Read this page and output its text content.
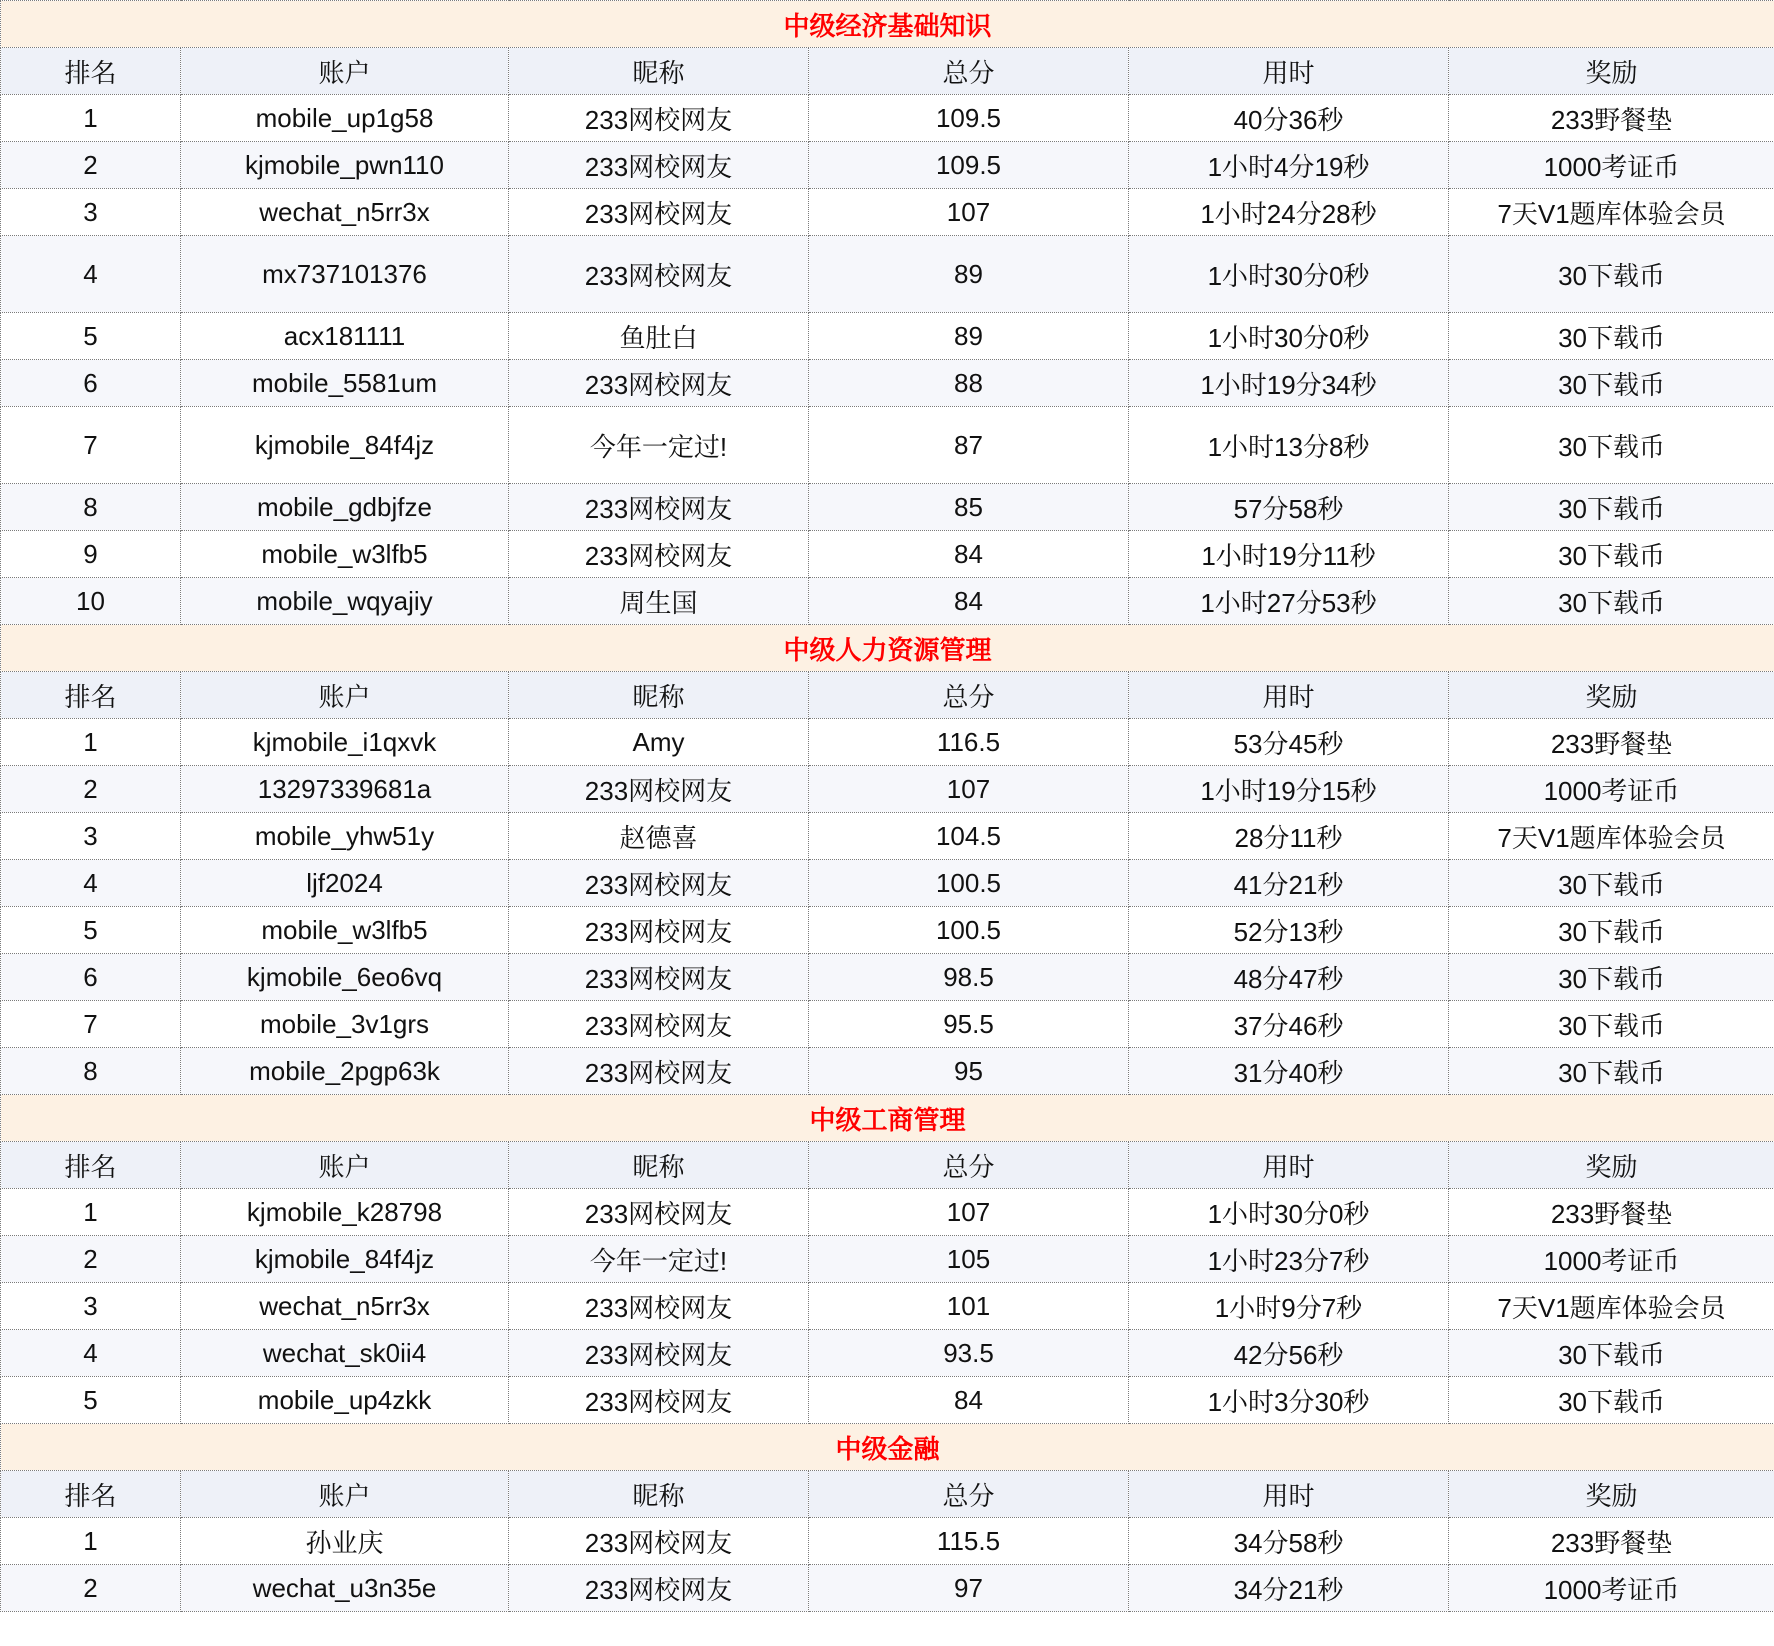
中级经济基础知识					
排名	账户	昵称	总分	用时	奖励
1	mobile_up1g58	233网校网友	109.5	40分36秒	233野餐垫
2	kjmobile_pwn110	233网校网友	109.5	1小时4分19秒	1000考证币
3	wechat_n5rr3x	233网校网友	107	1小时24分28秒	7天V1题库体验会员
4	mx737101376	233网校网友	89	1小时30分0秒	30下载币
5	acx181111	鱼肚白	89	1小时30分0秒	30下载币
6	mobile_5581um	233网校网友	88	1小时19分34秒	30下载币
7	kjmobile_84f4jz	今年一定过!	87	1小时13分8秒	30下载币
8	mobile_gdbjfze	233网校网友	85	57分58秒	30下载币
9	mobile_w3lfb5	233网校网友	84	1小时19分11秒	30下载币
10	mobile_wqyajiy	周生国	84	1小时27分53秒	30下载币
中级人力资源管理					
排名	账户	昵称	总分	用时	奖励
1	kjmobile_i1qxvk	Amy	116.5	53分45秒	233野餐垫
2	13297339681a	233网校网友	107	1小时19分15秒	1000考证币
3	mobile_yhw51y	赵德喜	104.5	28分11秒	7天V1题库体验会员
4	ljf2024	233网校网友	100.5	41分21秒	30下载币
5	mobile_w3lfb5	233网校网友	100.5	52分13秒	30下载币
6	kjmobile_6eo6vq	233网校网友	98.5	48分47秒	30下载币
7	mobile_3v1grs	233网校网友	95.5	37分46秒	30下载币
8	mobile_2pgp63k	233网校网友	95	31分40秒	30下载币
中级工商管理					
排名	账户	昵称	总分	用时	奖励
1	kjmobile_k28798	233网校网友	107	1小时30分0秒	233野餐垫
2	kjmobile_84f4jz	今年一定过!	105	1小时23分7秒	1000考证币
3	wechat_n5rr3x	233网校网友	101	1小时9分7秒	7天V1题库体验会员
4	wechat_sk0ii4	233网校网友	93.5	42分56秒	30下载币
5	mobile_up4zkk	233网校网友	84	1小时3分30秒	30下载币
中级金融					
排名	账户	昵称	总分	用时	奖励
1	孙业庆	233网校网友	115.5	34分58秒	233野餐垫
2	wechat_u3n35e	233网校网友	97	34分21秒	1000考证币
